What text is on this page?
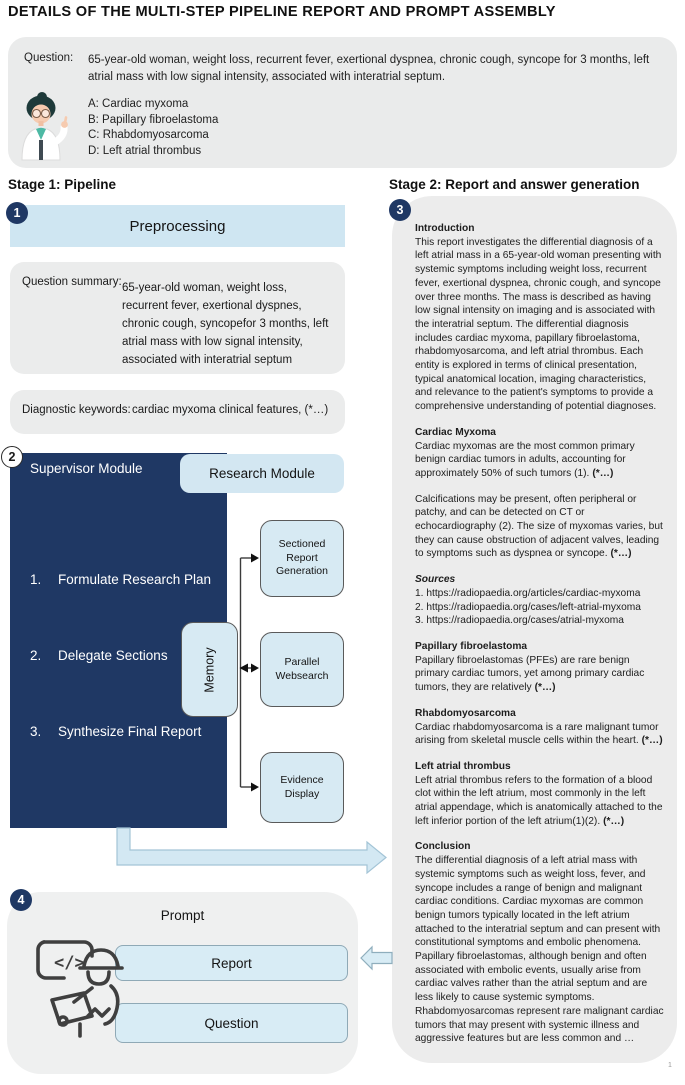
DETAILS OF THE MULTI-STEP PIPELINE REPORT AND PROMPT ASSEMBLY
Question: 65-year-old woman, weight loss, recurrent fever, exertional dyspnea, chronic cough, syncope for 3 months, left atrial mass with low signal intensity, associated with interatrial septum.
A: Cardiac myxoma
B: Papillary fibroelastoma
C: Rhabdomyosarcoma
D: Left atrial thrombus
Stage 1: Pipeline	Stage 2: Report and answer generation
Preprocessing
Question summary: 65-year-old woman, weight loss, recurrent fever, exertional dyspnes, chronic cough, syncopefor 3 months, left atrial mass with low signal intensity, associated with interatrial septum
Diagnostic keywords: cardiac myxoma clinical features, (*…)
Supervisor Module
1.	Formulate Research Plan
2.	Delegate Sections
3.	Synthesize Final Report
Research Module
Sectioned Report Generation
Parallel Websearch
Evidence Display
Memory
Introduction

This report investigates the differential diagnosis of a left atrial mass in a 65-year-old woman presenting with systemic symptoms including weight loss, recurrent fever, exertional dyspnea, chronic cough, and syncope over three months. The mass is described as having low signal intensity on imaging and is associated with the interatrial septum. The differential diagnosis includes cardiac myxoma, papillary fibroelastoma, rhabdomyosarcoma, and left atrial thrombus. Each entity is explored in terms of clinical presentation, typical anatomical location, imaging characteristics, and relevance to the patient's symptoms to provide a comprehensive understanding of potential diagnoses.

Cardiac Myxoma

Cardiac myxomas are the most common primary benign cardiac tumors in adults, accounting for approximately 50% of such tumors (1). (*…)

Calcifications may be present, often peripheral or patchy, and can be detected on CT or echocardiography (2). The size of myxomas varies, but they can cause obstruction of adjacent valves, leading to symptoms such as dyspnea or syncope. (*…)

Sources

1. https://radiopaedia.org/articles/cardiac-myxoma
2. https://radiopaedia.org/cases/left-atrial-myxoma
3. https://radiopaedia.org/cases/atrial-myxoma

Papillary fibroelastoma

Papillary fibroelastomas (PFEs) are rare benign primary cardiac tumors, yet among primary cardiac tumors, they are relatively (*…)

Rhabdomyosarcoma

Cardiac rhabdomyosarcoma is a rare malignant tumor arising from skeletal muscle cells within the heart. (*…)

Left atrial thrombus

Left atrial thrombus refers to the formation of a blood clot within the left atrium, most commonly in the left atrial appendage, which is anatomically attached to the left inferior portion of the left atrium(1)(2). (*…)

Conclusion

The differential diagnosis of a left atrial mass with systemic symptoms such as weight loss, fever, and syncope includes a range of benign and malignant cardiac conditions. Cardiac myxomas are common benign tumors typically located in the left atrium attached to the interatrial septum and can present with constitutional symptoms and embolic phenomena. Papillary fibroelastomas, although benign and often associated with embolic events, usually arise from cardiac valves rather than the atrial septum and are less likely to cause systemic symptoms. Rhabdomyosarcomas represent rare malignant cardiac tumors that may present with systemic illness and aggressive features but are less common and …

Prompt
Report
Question
</>
1
2
3
4
1
